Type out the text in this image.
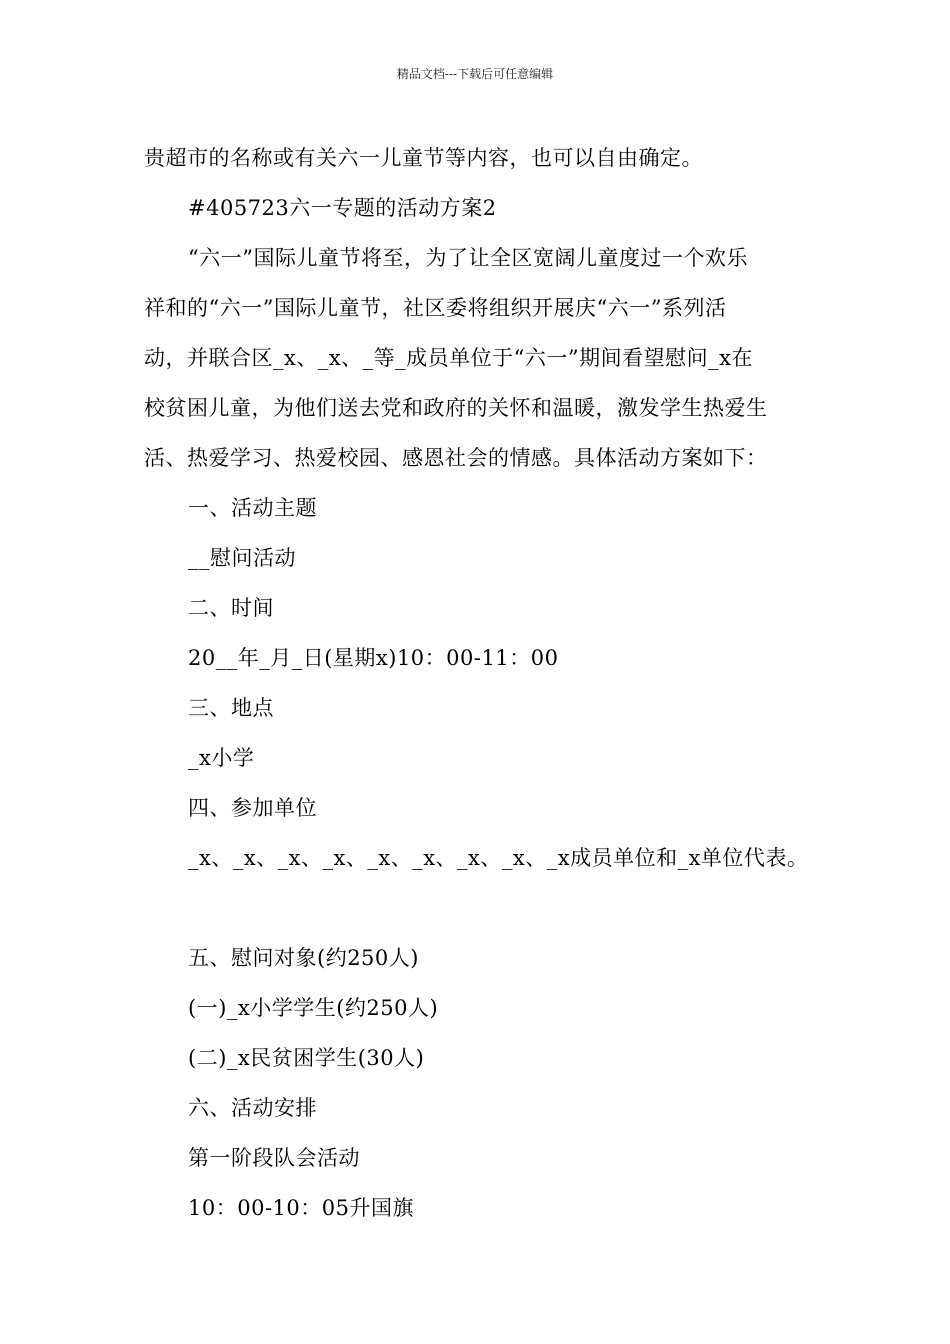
精品文档---下载后可任意编辑
贵超市的名称或有关六一儿童节等内容，也可以自由确定。
#405723六一专题的活动方案2
“六一”国际儿童节将至，为了让全区宽阔儿童度过一个欢乐
祥和的“六一”国际儿童节，社区委将组织开展庆“六一”系列活
动，并联合区_x、_x、_等_成员单位于“六一”期间看望慰问_x在
校贫困儿童，为他们送去党和政府的关怀和温暖，激发学生热爱生
活、热爱学习、热爱校园、感恩社会的情感。具体活动方案如下：
一、活动主题
__慰问活动
二、时间
20__年_月_日(星期x)10：00-11：00
三、地点
_x小学
四、参加单位
_x、_x、_x、_x、_x、_x、_x、_x、_x成员单位和_x单位代表。
五、慰问对象(约250人)
(一)_x小学学生(约250人)
(二)_x民贫困学生(30人)
六、活动安排
第一阶段队会活动
10：00-10：05升国旗
